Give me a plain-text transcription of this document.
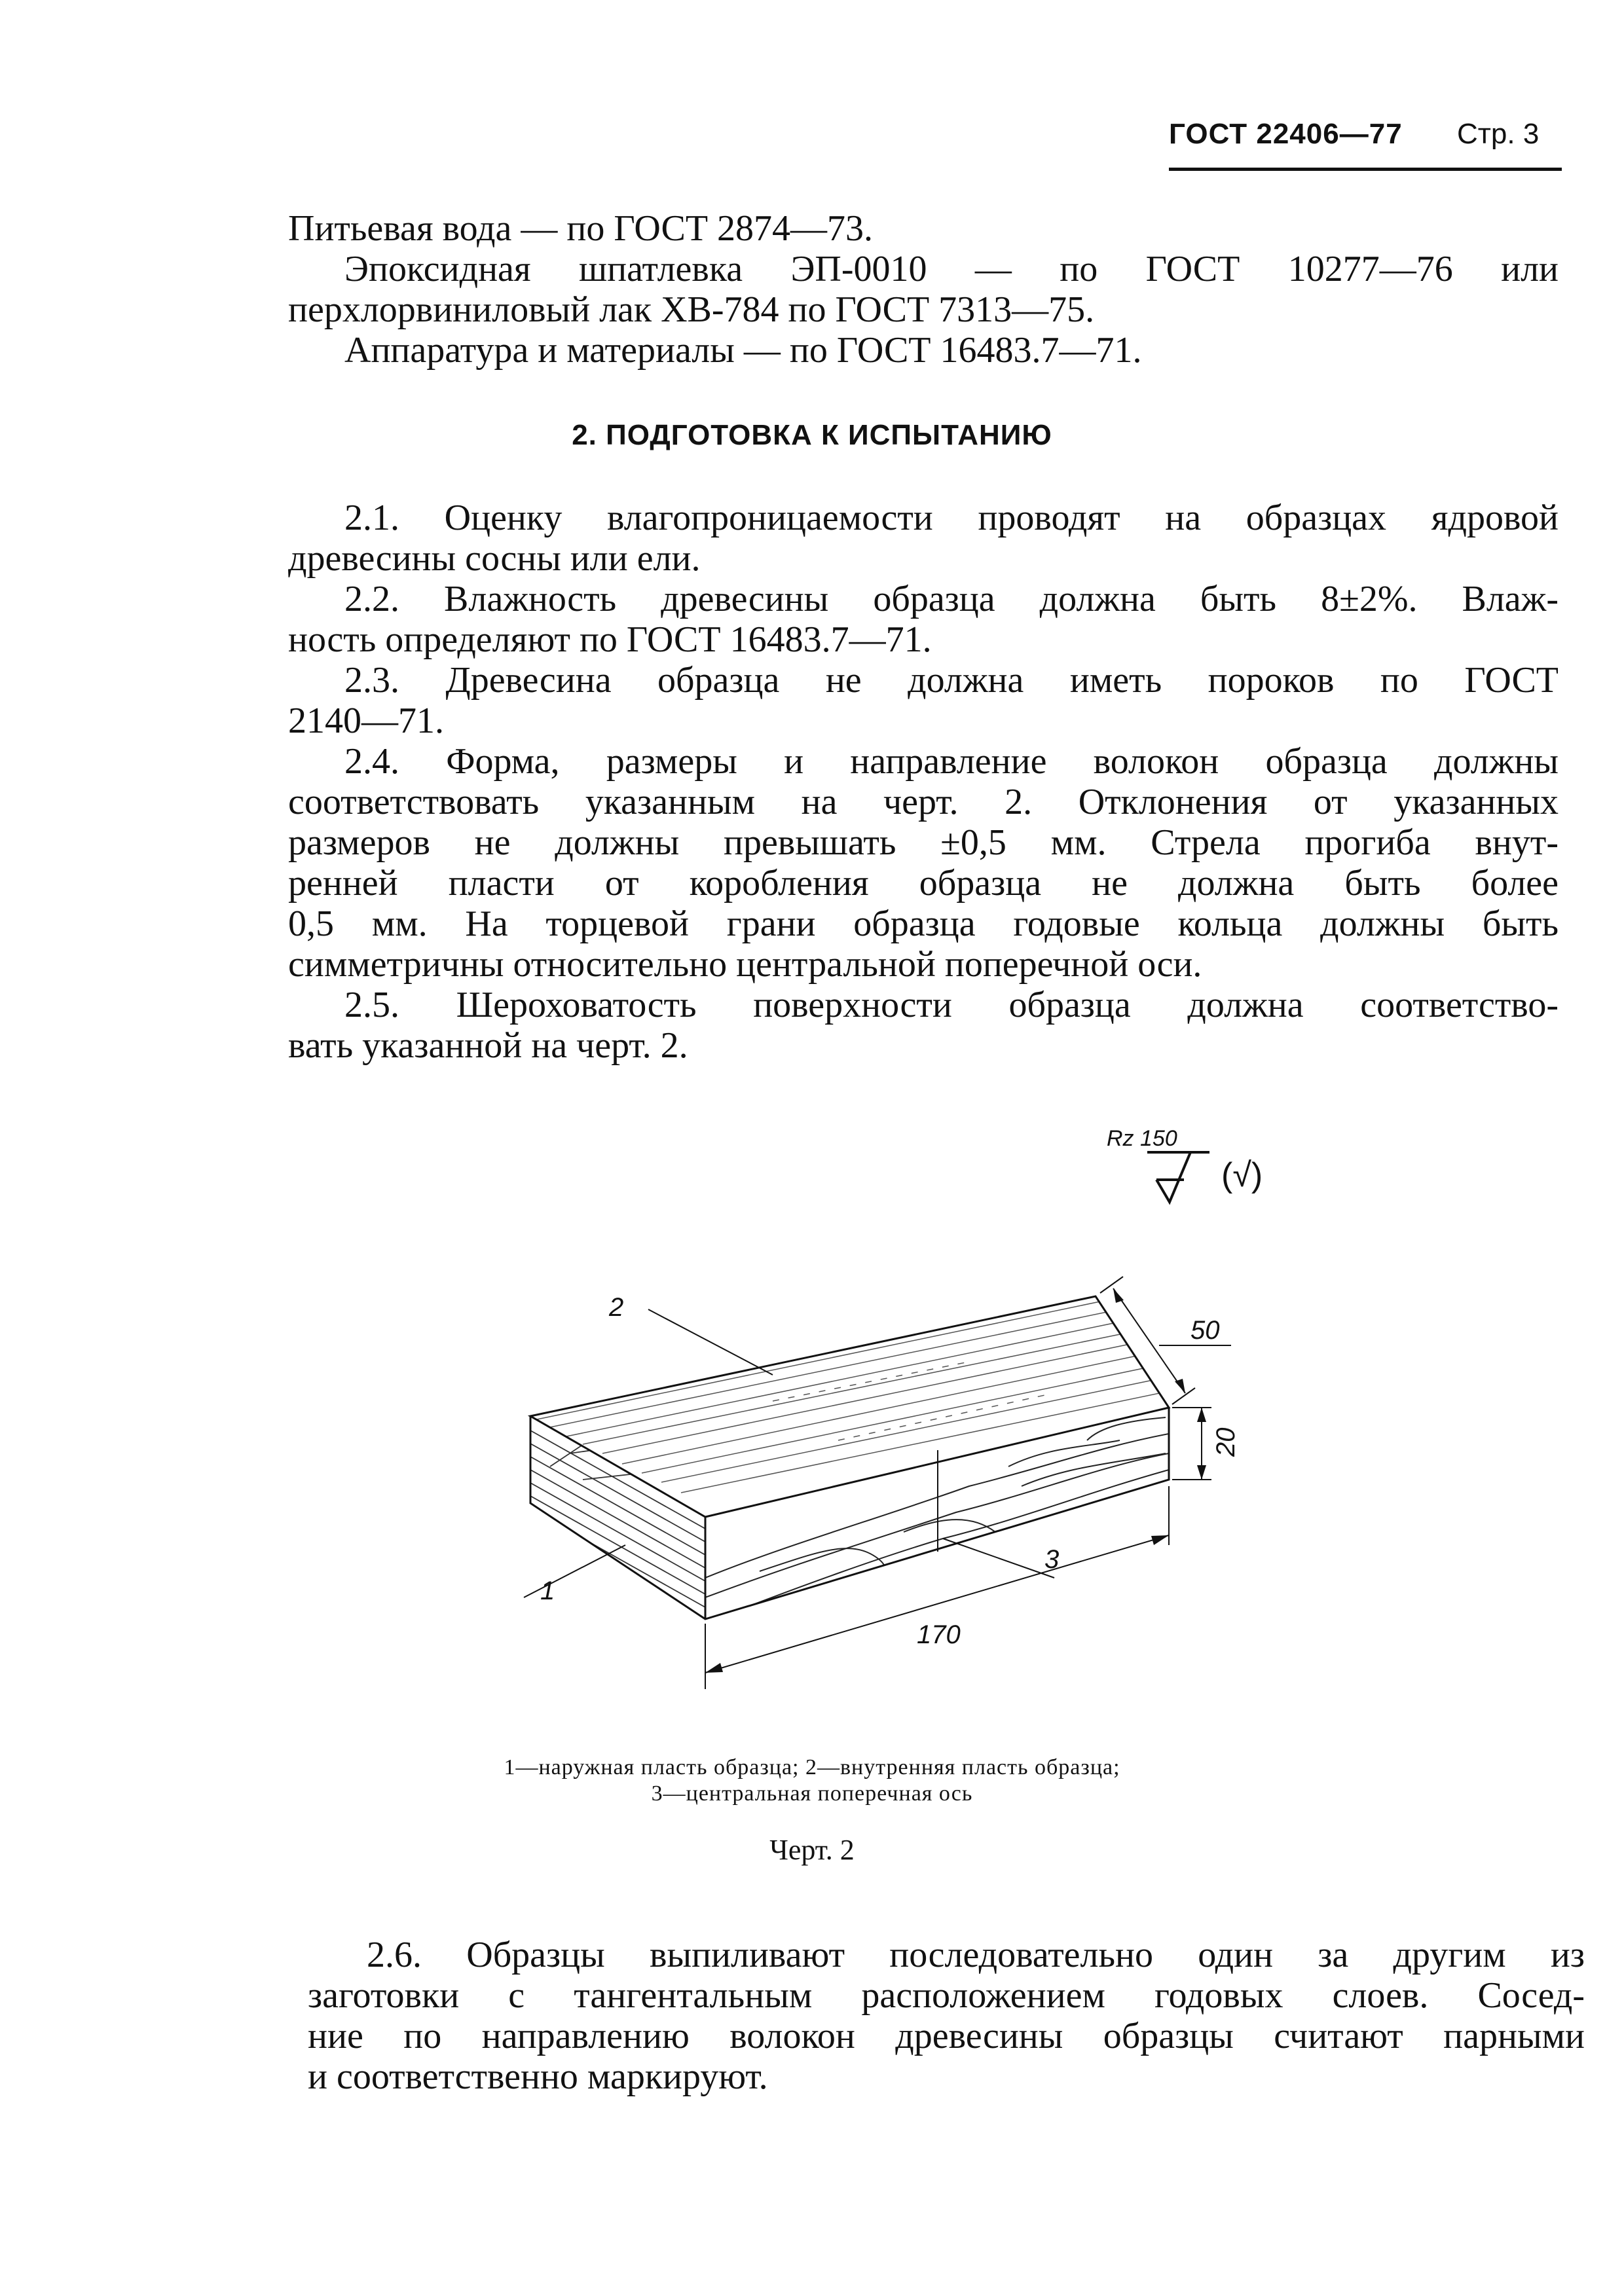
ГОСТ 22406—77 Стр. 3
Питьевая вода — по ГОСТ 2874—73.
Эпоксидная шпатлевка ЭП-0010 — по ГОСТ 10277—76 или
перхлорвиниловый лак ХВ-784 по ГОСТ 7313—75.
Аппаратура и материалы — по ГОСТ 16483.7—71.
2. ПОДГОТОВКА К ИСПЫТАНИЮ
2.1. Оценку влагопроницаемости проводят на образцах ядровой
древесины сосны или ели.
2.2. Влажность древесины образца должна быть 8±2%. Влаж-
ность определяют по ГОСТ 16483.7—71.
2.3. Древесина образца не должна иметь пороков по ГОСТ
2140—71.
2.4. Форма, размеры и направление волокон образца должны
соответствовать указанным на черт. 2. Отклонения от указанных
размеров не должны превышать ±0,5 мм. Стрела прогиба внут-
ренней пласти от коробления образца не должна быть более
0,5 мм. На торцевой грани образца годовые кольца должны быть
симметричны относительно центральной поперечной оси.
2.5. Шероховатость поверхности образца должна соответство-
вать указанной на черт. 2.
Rz 150
(√)
2
3
1
170
50
20
1—наружная пласть образца; 2—внутренняя пласть образца;
3—центральная поперечная ось
Черт. 2
2.6. Образцы выпиливают последовательно один за другим из
заготовки с тангентальным расположением годовых слоев. Сосед-
ние по направлению волокон древесины образцы считают парными
и соответственно маркируют.
